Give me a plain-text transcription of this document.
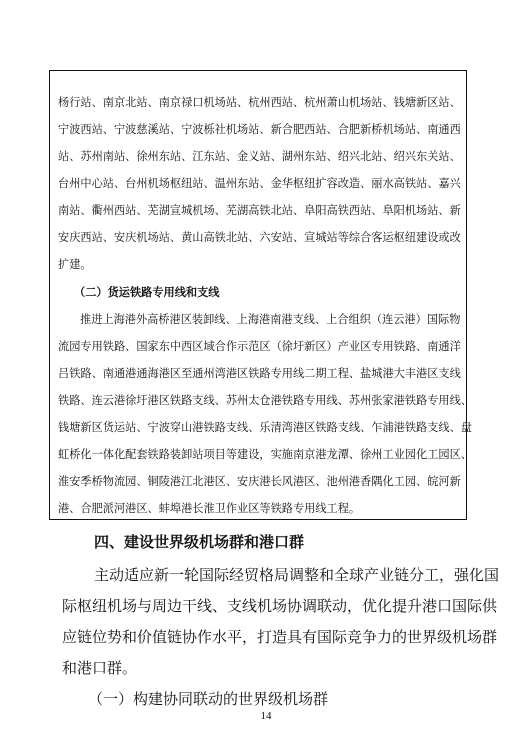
杨行站、南京北站、南京禄口机场站、杭州西站、杭州萧山机场站、钱塘新区站、
宁波西站、宁波慈溪站、宁波栎社机场站、新合肥西站、合肥新桥机场站、南通西
站、苏州南站、徐州东站、江东站、金义站、湖州东站、绍兴北站、绍兴东关站、
台州中心站、台州机场枢纽站、温州东站、金华枢纽扩容改造、丽水高铁站、嘉兴
南站、衢州西站、芜湖宣城机场、芜湖高铁北站、阜阳高铁西站、阜阳机场站、新
安庆西站、安庆机场站、黄山高铁北站、六安站、宣城站等综合客运枢纽建设或改
扩建。
（二）货运铁路专用线和支线
推进上海港外高桥港区装卸线、上海港南港支线、上合组织（连云港）国际物
流园专用铁路、国家东中西区域合作示范区（徐圩新区）产业区专用铁路、南通洋
吕铁路、南通港通海港区至通州湾港区铁路专用线二期工程、盐城港大丰港区支线
铁路、连云港徐圩港区铁路支线、苏州太仓港铁路专用线、苏州张家港铁路专用线、
钱塘新区货运站、宁波穿山港铁路支线、乐清湾港区铁路支线、乍浦港铁路支线、盘
虹桥化一体化配套铁路装卸站项目等建设，实施南京港龙潭、徐州工业园化工园区、
淮安季桥物流园、铜陵港江北港区、安庆港长风港区、池州港香隅化工园、皖河新
港、合肥派河港区、蚌埠港长淮卫作业区等铁路专用线工程。
四、建设世界级机场群和港口群
主动适应新一轮国际经贸格局调整和全球产业链分工，强化国
际枢纽机场与周边干线、支线机场协调联动，优化提升港口国际供
应链位势和价值链协作水平，打造具有国际竞争力的世界级机场群
和港口群。
（一）构建协同联动的世界级机场群
14
